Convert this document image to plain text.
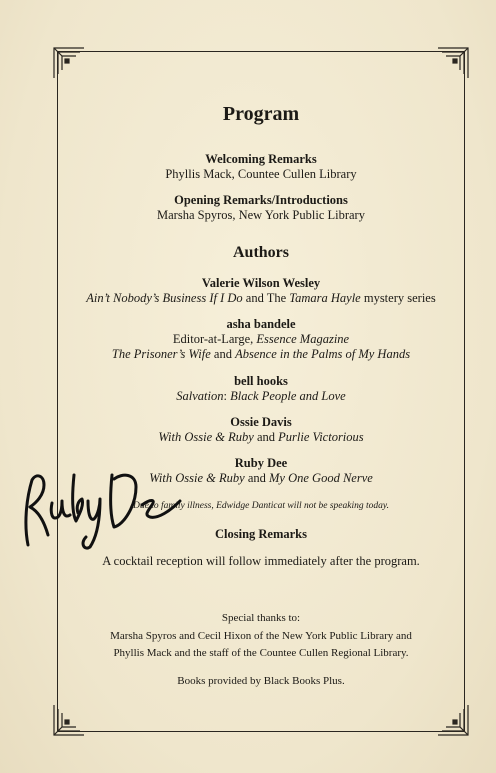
Program
Welcoming Remarks
Phyllis Mack, Countee Cullen Library
Opening Remarks/Introductions
Marsha Spyros, New York Public Library
Authors
Valerie Wilson Wesley
Ain’t Nobody’s Business If I Do and The Tamara Hayle mystery series
asha bandele
Editor-at-Large, Essence Magazine
The Prisoner’s Wife and Absence in the Palms of My Hands
bell hooks
Salvation: Black People and Love
Ossie Davis
With Ossie & Ruby and Purlie Victorious
Ruby Dee
With Ossie & Ruby and My One Good Nerve
Due to family illness, Edwidge Danticat will not be speaking today.
Closing Remarks
A cocktail reception will follow immediately after the program.
Special thanks to:
Marsha Spyros and Cecil Hixon of the New York Public Library and
Phyllis Mack and the staff of the Countee Cullen Regional Library.
Books provided by Black Books Plus.
